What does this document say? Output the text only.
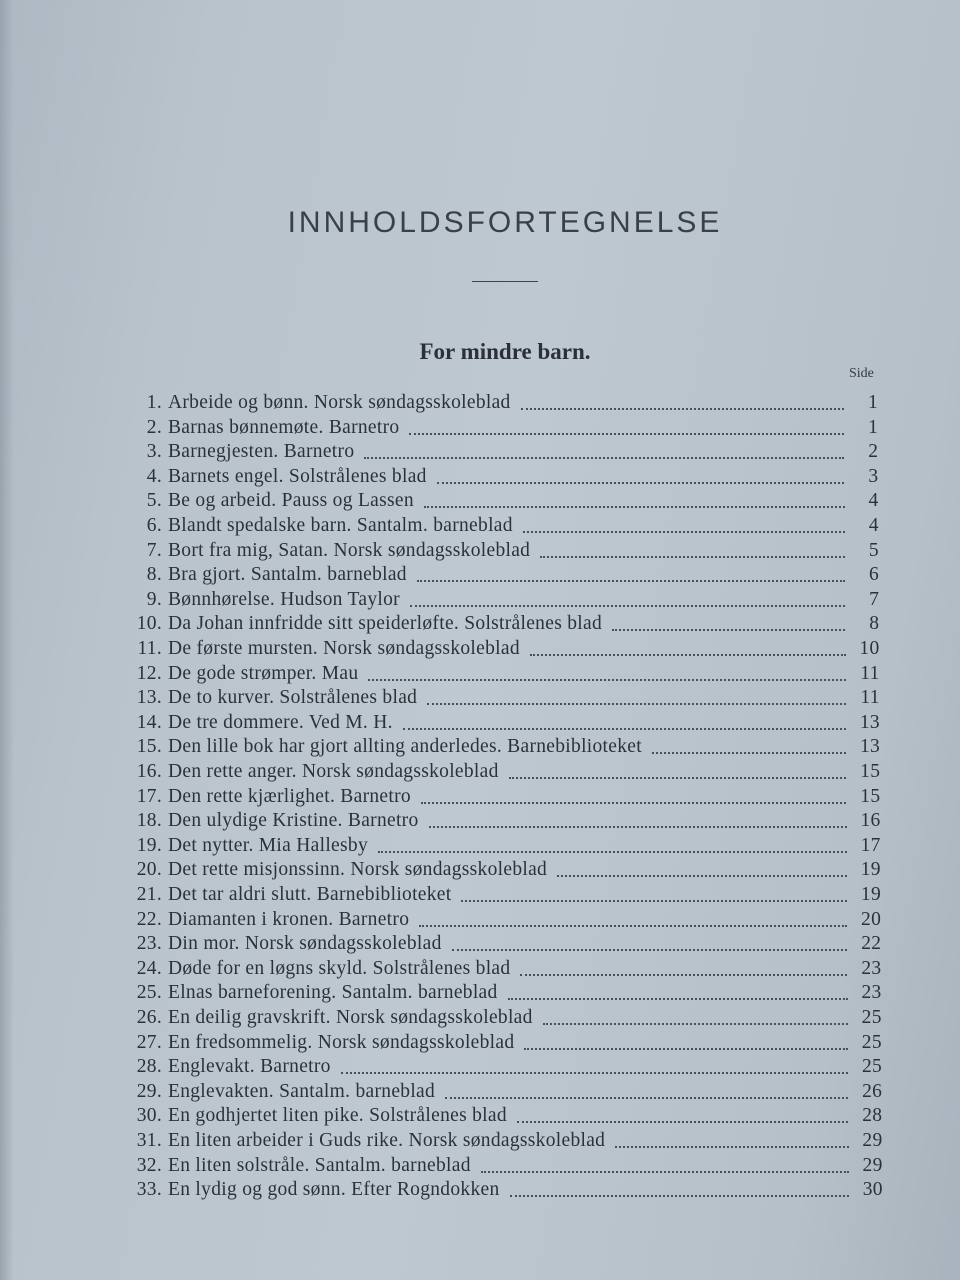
INNHOLDSFORTEGNELSE
For mindre barn.
Side
1. Arbeide og bønn. Norsk søndagsskoleblad	1
2. Barnas bønnemøte. Barnetro	1
3. Barnegjesten. Barnetro	2
4. Barnets engel. Solstrålenes blad	3
5. Be og arbeid. Pauss og Lassen	4
6. Blandt spedalske barn. Santalm. barneblad	4
7. Bort fra mig, Satan. Norsk søndagsskoleblad	5
8. Bra gjort. Santalm. barneblad	6
9. Bønnhørelse. Hudson Taylor	7
10. Da Johan innfridde sitt speiderløfte. Solstrålenes blad	8
11. De første mursten. Norsk søndagsskoleblad	10
12. De gode strømper. Mau	11
13. De to kurver. Solstrålenes blad	11
14. De tre dommere. Ved M. H.	13
15. Den lille bok har gjort allting anderledes. Barnebiblioteket	13
16. Den rette anger. Norsk søndagsskoleblad	15
17. Den rette kjærlighet. Barnetro	15
18. Den ulydige Kristine. Barnetro	16
19. Det nytter. Mia Hallesby	17
20. Det rette misjonssinn. Norsk søndagsskoleblad	19
21. Det tar aldri slutt. Barnebiblioteket	19
22. Diamanten i kronen. Barnetro	20
23. Din mor. Norsk søndagsskoleblad	22
24. Døde for en løgns skyld. Solstrålenes blad	23
25. Elnas barneforening. Santalm. barneblad	23
26. En deilig gravskrift. Norsk søndagsskoleblad	25
27. En fredsommelig. Norsk søndagsskoleblad	25
28. Englevakt. Barnetro	25
29. Englevakten. Santalm. barneblad	26
30. En godhjertet liten pike. Solstrålenes blad	28
31. En liten arbeider i Guds rike. Norsk søndagsskoleblad	29
32. En liten solstråle. Santalm. barneblad	29
33. En lydig og god sønn. Efter Rogndokken	30
